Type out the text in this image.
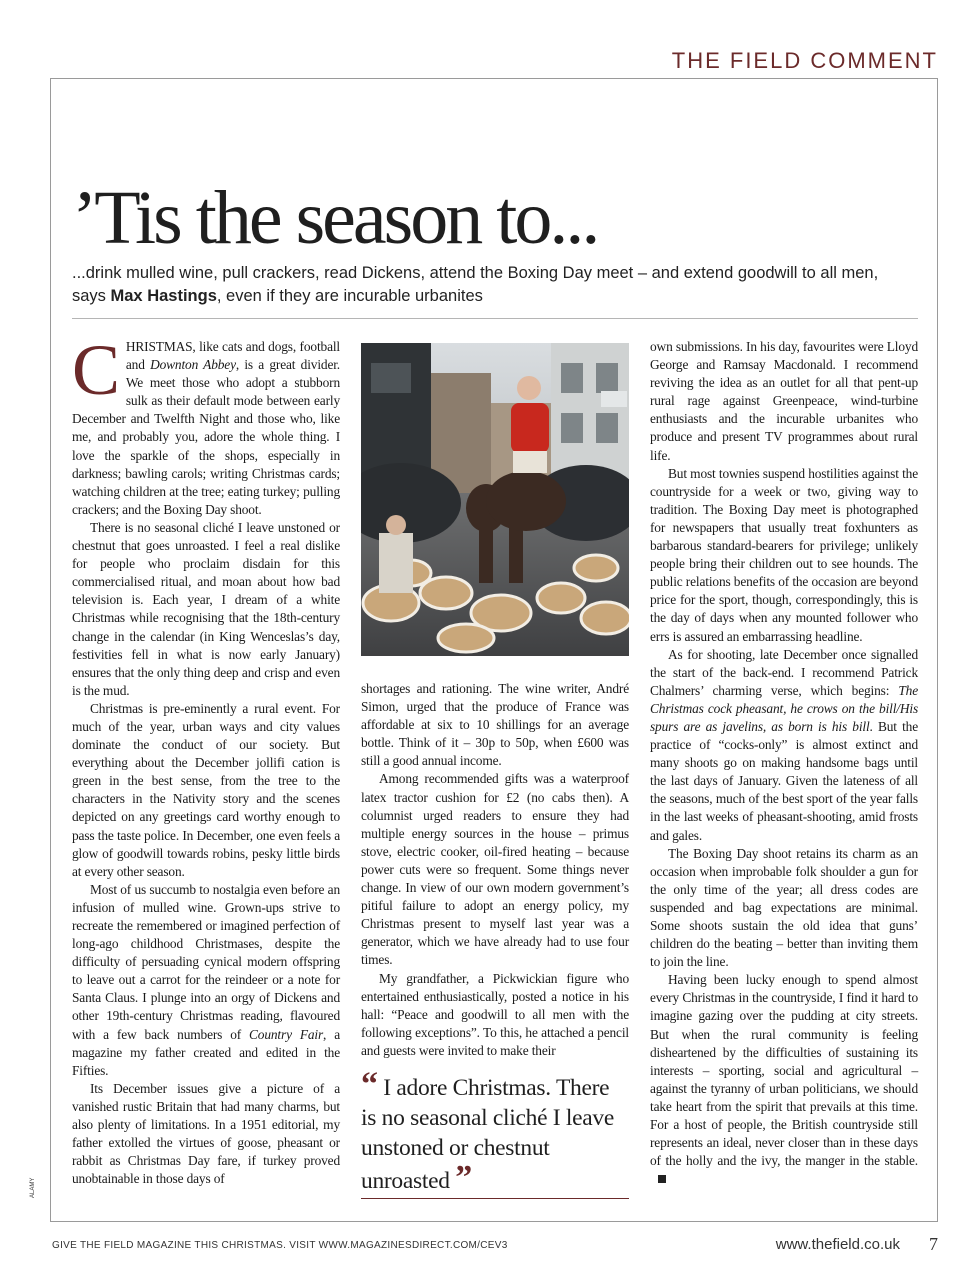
THE FIELD COMMENT
ALAMY
’Tis the season to...
...drink mulled wine, pull crackers, read Dickens, attend the Boxing Day meet – and extend goodwill to all men, says Max Hastings, even if they are incurable urbanites

CHRISTMAS, like cats and dogs, football and Downton Abbey, is a great divider. We meet those who adopt a stubborn sulk as their default mode between early December and Twelfth Night and those who, like me, and probably you, adore the whole thing. I love the sparkle of the shops, especially in darkness; bawling carols; writing Christmas cards; watching children at the tree; eating turkey; pulling crackers; and the Boxing Day shoot.

There is no seasonal cliché I leave unstoned or chestnut that goes unroasted. I feel a real dislike for people who proclaim disdain for this commercialised ritual, and moan about how bad television is. Each year, I dream of a white Christmas while recognising that the 18th-century change in the calendar (in King Wenceslas’s day, festivities fell in what is now early January) ensures that the only thing deep and crisp and even is the mud.

Christmas is pre-eminently a rural event. For much of the year, urban ways and city values dominate the conduct of our society. But everything about the December jollifi cation is green in the best sense, from the tree to the characters in the Nativity story and the scenes depicted on any greetings card worthy enough to pass the taste police. In December, one even feels a glow of goodwill towards robins, pesky little birds at every other season.

Most of us succumb to nostalgia even before an infusion of mulled wine. Grown-ups strive to recreate the remembered or imagined perfection of long-ago childhood Christmases, despite the difficulty of persuading cynical modern offspring to leave out a carrot for the reindeer or a note for Santa Claus. I plunge into an orgy of Dickens and other 19th-century Christmas reading, flavoured with a few back numbers of Country Fair, a magazine my father created and edited in the Fifties.

Its December issues give a picture of a vanished rustic Britain that had many charms, but also plenty of limitations. In a 1951 editorial, my father extolled the virtues of goose, pheasant or rabbit as Christmas Day fare, if turkey proved unobtainable in those days of

shortages and rationing. The wine writer, André Simon, urged that the produce of France was affordable at six to 10 shillings for an average bottle. Think of it – 30p to 50p, when £600 was still a good annual income.

Among recommended gifts was a waterproof latex tractor cushion for £2 (no cabs then). A columnist urged readers to ensure they had multiple energy sources in the house – primus stove, electric cooker, oil-fired heating – because power cuts were so frequent. Some things never change. In view of our own modern government’s pitiful failure to adopt an energy policy, my Christmas present to myself last year was a generator, which we have already had to use four times.

My grandfather, a Pickwickian figure who entertained enthusiastically, posted a notice in his hall: “Peace and goodwill to all men with the following exceptions”. To this, he attached a pencil and guests were invited to make their

“ I adore Christmas. There is no seasonal cliché I leave unstoned or chestnut unroasted ”

own submissions. In his day, favourites were Lloyd George and Ramsay Macdonald. I recommend reviving the idea as an outlet for all that pent-up rural rage against Greenpeace, wind-turbine enthusiasts and the incurable urbanites who produce and present TV programmes about rural life.

But most townies suspend hostilities against the countryside for a week or two, giving way to tradition. The Boxing Day meet is photographed for newspapers that usually treat foxhunters as barbarous standard-bearers for privilege; unlikely people bring their children out to see hounds. The public relations benefits of the occasion are beyond price for the sport, though, correspondingly, this is the day of days when any mounted follower who errs is assured an embarrassing headline.

As for shooting, late December once signalled the start of the back-end. I recommend Patrick Chalmers’ charming verse, which begins: The Christmas cock pheasant, he crows on the bill/His spurs are as javelins, as born is his bill. But the practice of “cocks-only” is almost extinct and many shoots go on making handsome bags until the last days of January. Given the lateness of all the seasons, much of the best sport of the year falls in the last weeks of pheasant-shooting, amid frosts and gales.

The Boxing Day shoot retains its charm as an occasion when improbable folk shoulder a gun for the only time of the year; all dress codes are suspended and bag expectations are minimal. Some shoots sustain the old idea that guns’ children do the beating – better than inviting them to join the line.

Having been lucky enough to spend almost every Christmas in the countryside, I find it hard to imagine gazing over the pudding at city streets. But when the rural community is feeling disheartened by the difficulties of sustaining its interests – sporting, social and agricultural – against the tyranny of urban politicians, we should take heart from the spirit that prevails at this time. For a host of people, the British countryside still represents an ideal, never closer than in these days of the holly and the ivy, the manger in the stable.

GIVE THE FIELD MAGAZINE THIS CHRISTMAS. VISIT WWW.MAGAZINESDIRECT.COM/CEV3	www.thefield.co.uk 7
